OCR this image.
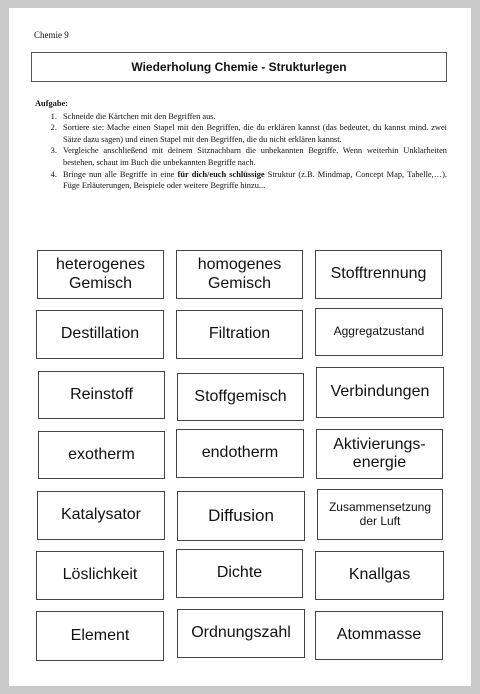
Chemie 9
Wiederholung Chemie - Strukturlegen
Aufgabe:
1. Schneide die Kärtchen mit den Begriffen aus.
2. Sortiere sie: Mache einen Stapel mit den Begriffen, die du erklären kannst (das bedeutet, du kannst mind. zwei Sätze dazu sagen) und einen Stapel mit den Begriffen, die du nicht erklären kannst.
3. Vergleiche anschließend mit deinem Sitznachbarn die unbekannten Begriffe. Wenn weiterhin Unklarheiten bestehen, schaut im Buch die unbekannten Begriffe nach.
4. Bringe nun alle Begriffe in eine für dich/euch schlüssige Struktur (z.B. Mindmap, Concept Map, Tabelle,…). Füge Erläuterungen, Beispiele oder weitere Begriffe hinzu...
heterogenes
Gemisch
homogenes
Gemisch
Stofftrennung
Destillation	Filtration	Aggregatzustand
Reinstoff	Stoffgemisch	Verbindungen
exotherm	endotherm
Aktivierungs-
energie
Katalysator	Diffusion	Zusammensetzung
der Luft
Löslichkeit	Dichte	Knallgas
Element	Ordnungszahl	Atommasse
